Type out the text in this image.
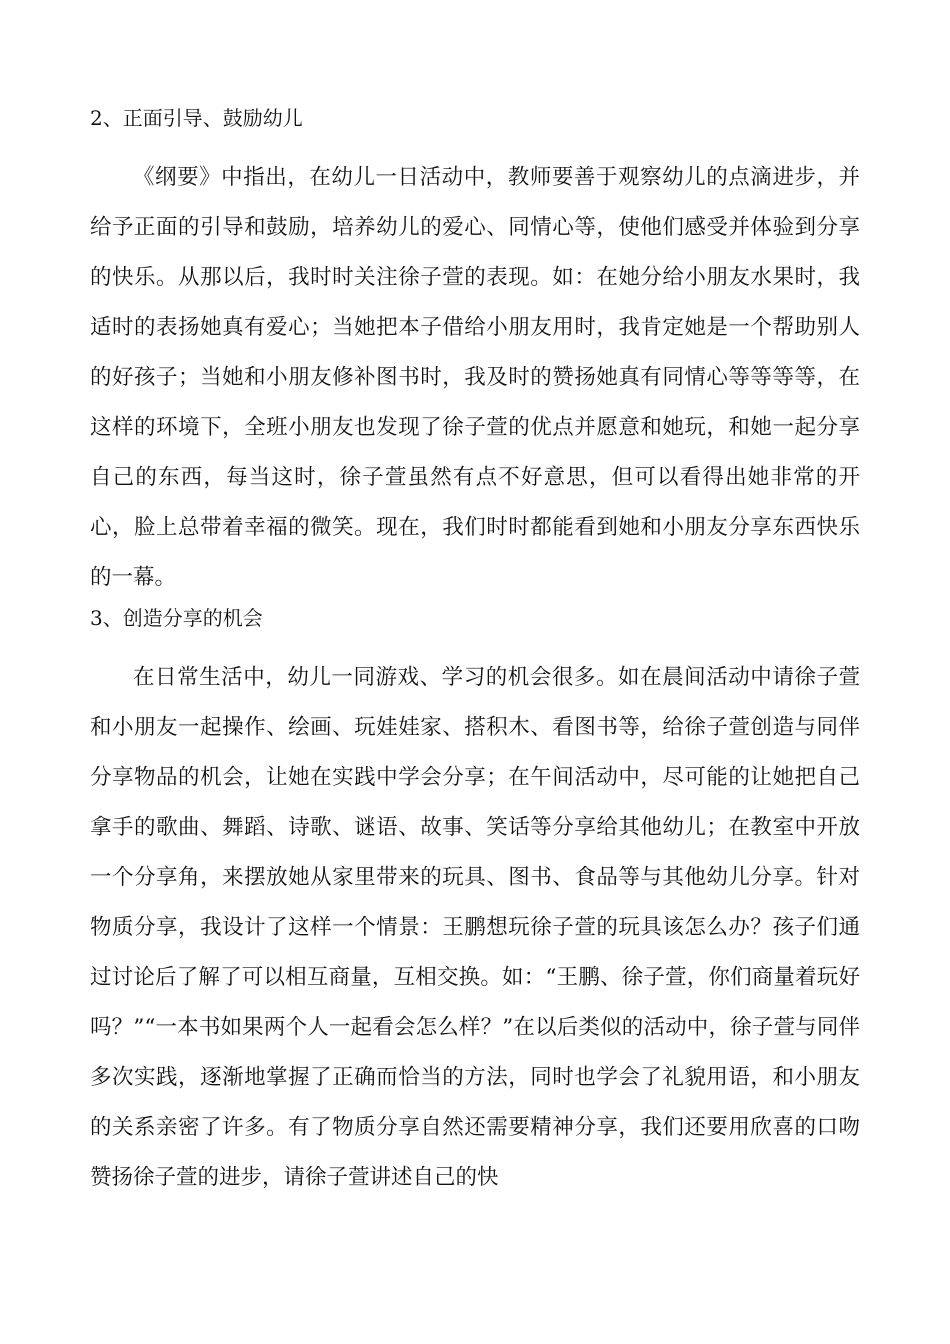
2、正面引导、鼓励幼儿

《纲要》中指出，在幼儿一日活动中，教师要善于观察幼儿的点滴进步，并给予正面的引导和鼓励，培养幼儿的爱心、同情心等，使他们感受并体验到分享的快乐。从那以后，我时时关注徐子萱的表现。如：在她分给小朋友水果时，我适时的表扬她真有爱心；当她把本子借给小朋友用时，我肯定她是一个帮助别人的好孩子；当她和小朋友修补图书时，我及时的赞扬她真有同情心等等等等，在这样的环境下，全班小朋友也发现了徐子萱的优点并愿意和她玩，和她一起分享自己的东西，每当这时，徐子萱虽然有点不好意思，但可以看得出她非常的开心，脸上总带着幸福的微笑。现在，我们时时都能看到她和小朋友分享东西快乐的一幕。

3、创造分享的机会

在日常生活中，幼儿一同游戏、学习的机会很多。如在晨间活动中请徐子萱和小朋友一起操作、绘画、玩娃娃家、搭积木、看图书等，给徐子萱创造与同伴分享物品的机会，让她在实践中学会分享；在午间活动中，尽可能的让她把自己拿手的歌曲、舞蹈、诗歌、谜语、故事、笑话等分享给其他幼儿；在教室中开放一个分享角，来摆放她从家里带来的玩具、图书、食品等与其他幼儿分享。针对物质分享，我设计了这样一个情景：王鹏想玩徐子萱的玩具该怎么办？孩子们通过讨论后了解了可以相互商量，互相交换。如：“王鹏、徐子萱，你们商量着玩好吗？”“一本书如果两个人一起看会怎么样？”在以后类似的活动中，徐子萱与同伴多次实践，逐渐地掌握了正确而恰当的方法，同时也学会了礼貌用语，和小朋友的关系亲密了许多。有了物质分享自然还需要精神分享，我们还要用欣喜的口吻赞扬徐子萱的进步，请徐子萱讲述自己的快
